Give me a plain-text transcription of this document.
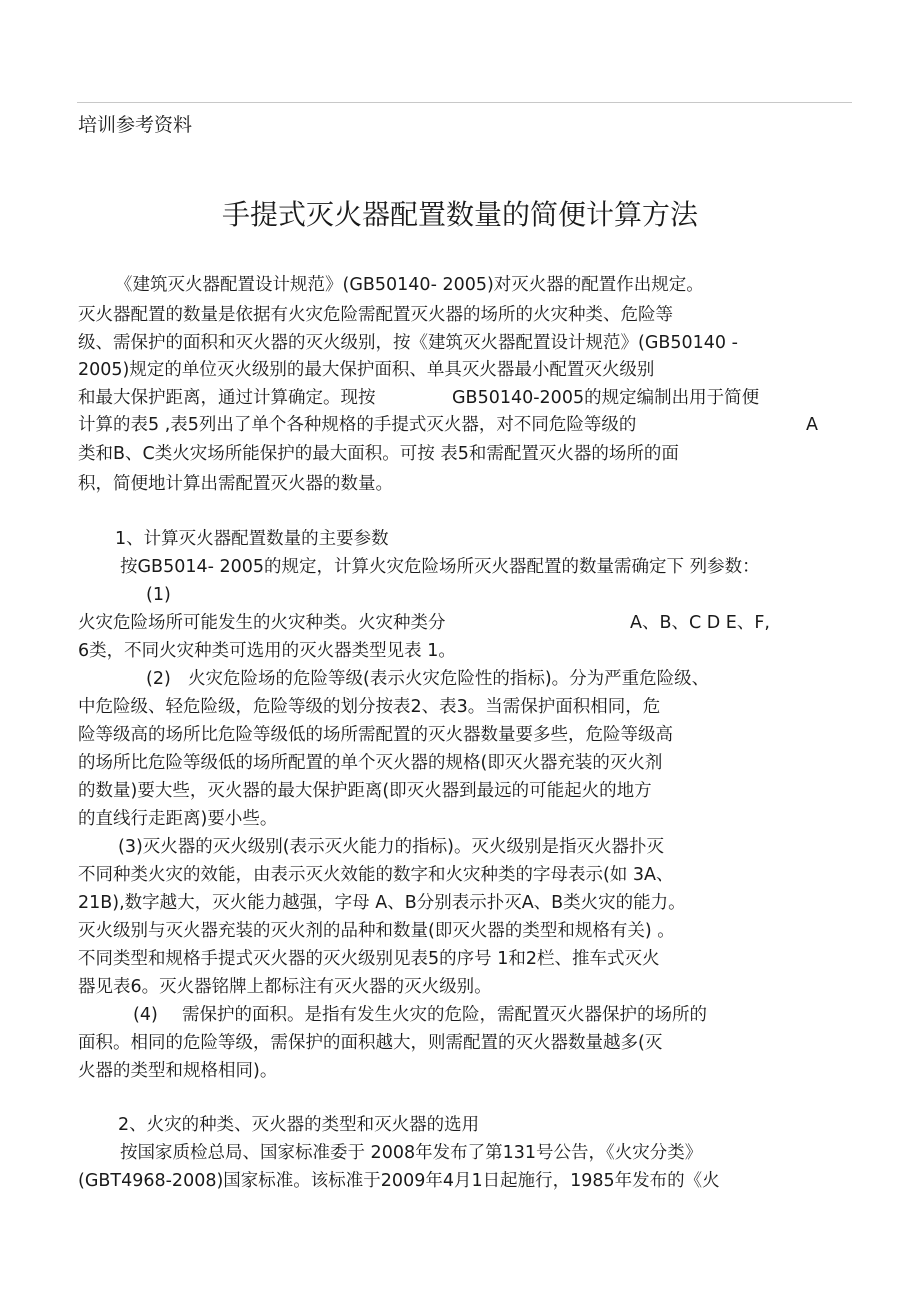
培训参考资料
手提式灭火器配置数量的简便计算方法
《建筑灭火器配置设计规范》(GB50140- 2005)对灭火器的配置作出规定。
灭火器配置的数量是依据有火灾危险需配置灭火器的场所的火灾种类、危险等
级、需保护的面积和灭火器的灭火级别，按《建筑灭火器配置设计规范》(GB50140 -
2005)规定的单位灭火级别的最大保护面积、单具灭火器最小配置灭火级别
和最大保护距离，通过计算确定。现按	GB50140-2005的规定编制出用于简便
计算的表5 ,表5列出了单个各种规格的手提式灭火器，对不同危险等级的	A
类和B、C类火灾场所能保护的最大面积。可按 表5和需配置灭火器的场所的面
积，简便地计算出需配置灭火器的数量。
1、计算灭火器配置数量的主要参数
按GB5014- 2005的规定，计算火灾危险场所灭火器配置的数量需确定下 列参数：
(1)
火灾危险场所可能发生的火灾种类。火灾种类分	A、B、C D E、F,
6类，不同火灾种类可选用的灭火器类型见表 1。
(2) 火灾危险场的危险等级(表示火灾危险性的指标)。分为严重危险级、
中危险级、轻危险级，危险等级的划分按表2、表3。当需保护面积相同，危
险等级高的场所比危险等级低的场所需配置的灭火器数量要多些，危险等级高
的场所比危险等级低的场所配置的单个灭火器的规格(即灭火器充装的灭火剂
的数量)要大些，灭火器的最大保护距离(即灭火器到最远的可能起火的地方
的直线行走距离)要小些。
(3)灭火器的灭火级别(表示灭火能力的指标)。灭火级别是指灭火器扑灭
不同种类火灾的效能，由表示灭火效能的数字和火灾种类的字母表示(如 3A、
21B),数字越大，灭火能力越强，字母 A、B分别表示扑灭A、B类火灾的能力。
灭火级别与灭火器充装的灭火剂的品种和数量(即灭火器的类型和规格有关) 。
不同类型和规格手提式灭火器的灭火级别见表5的序号 1和2栏、推车式灭火
器见表6。灭火器铭牌上都标注有灭火器的灭火级别。
(4) 需保护的面积。是指有发生火灾的危险，需配置灭火器保护的场所的
面积。相同的危险等级，需保护的面积越大，则需配置的灭火器数量越多(灭
火器的类型和规格相同)。
2、火灾的种类、灭火器的类型和灭火器的选用
按国家质检总局、国家标准委于 2008年发布了第131号公告，《火灾分类》
(GBT4968-2008)国家标准。该标准于2009年4月1日起施行，1985年发布的《火
